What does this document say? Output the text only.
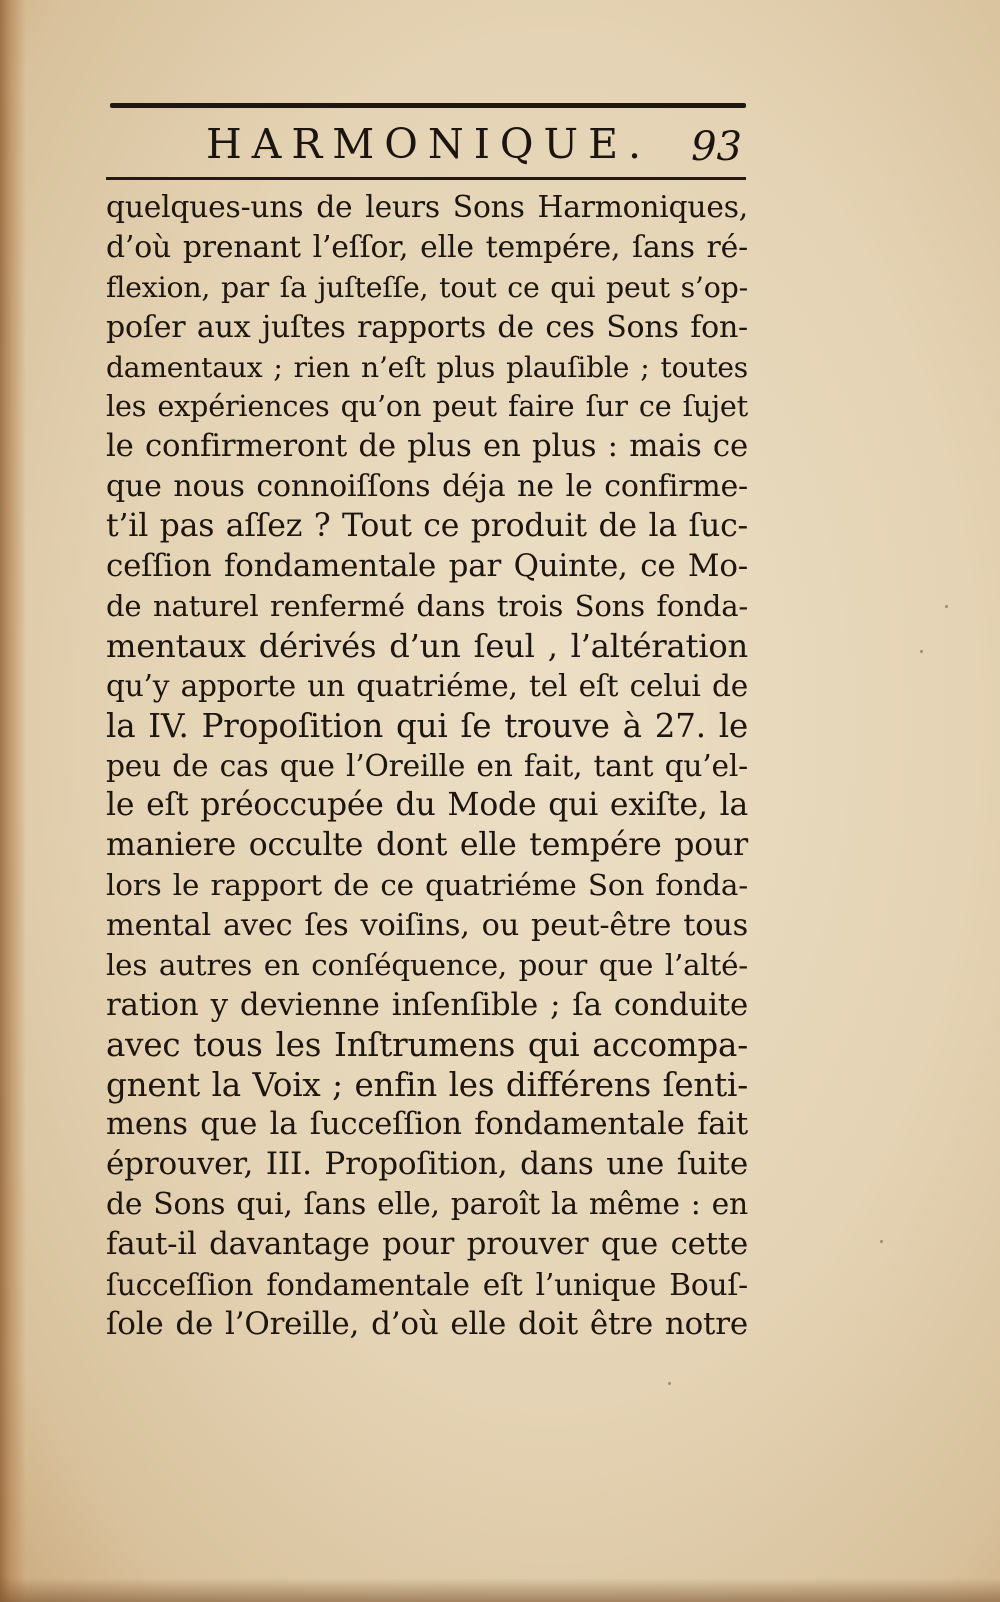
HARMONIQUE. 93
quelques-uns de leurs Sons Harmoniques,
d’où prenant l’eſſor, elle tempére, ſans ré-
flexion, par ſa juſteſſe, tout ce qui peut s’op-
poſer aux juſtes rapports de ces Sons fon-
damentaux ; rien n’eſt plus plauſible ; toutes
les expériences qu’on peut faire ſur ce ſujet
le confirmeront de plus en plus : mais ce
que nous connoiſſons déja ne le confirme-
t’il pas aſſez ? Tout ce produit de la ſuc-
ceſſion fondamentale par Quinte, ce Mo-
de naturel renfermé dans trois Sons fonda-
mentaux dérivés d’un ſeul , l’altération
qu’y apporte un quatriéme, tel eſt celui de
la IV. Propoſition qui ſe trouve à 27. le
peu de cas que l’Oreille en fait, tant qu’el-
le eſt préoccupée du Mode qui exiſte, la
maniere occulte dont elle tempére pour
lors le rapport de ce quatriéme Son fonda-
mental avec ſes voiſins, ou peut-être tous
les autres en conſéquence, pour que l’alté-
ration y devienne inſenſible ; ſa conduite
avec tous les Inſtrumens qui accompa-
gnent la Voix ; enfin les différens ſenti-
mens que la ſucceſſion fondamentale fait
éprouver, III. Propoſition, dans une ſuite
de Sons qui, ſans elle, paroît la même : en
faut-il davantage pour prouver que cette
ſucceſſion fondamentale eſt l’unique Bouſ-
ſole de l’Oreille, d’où elle doit être notre
